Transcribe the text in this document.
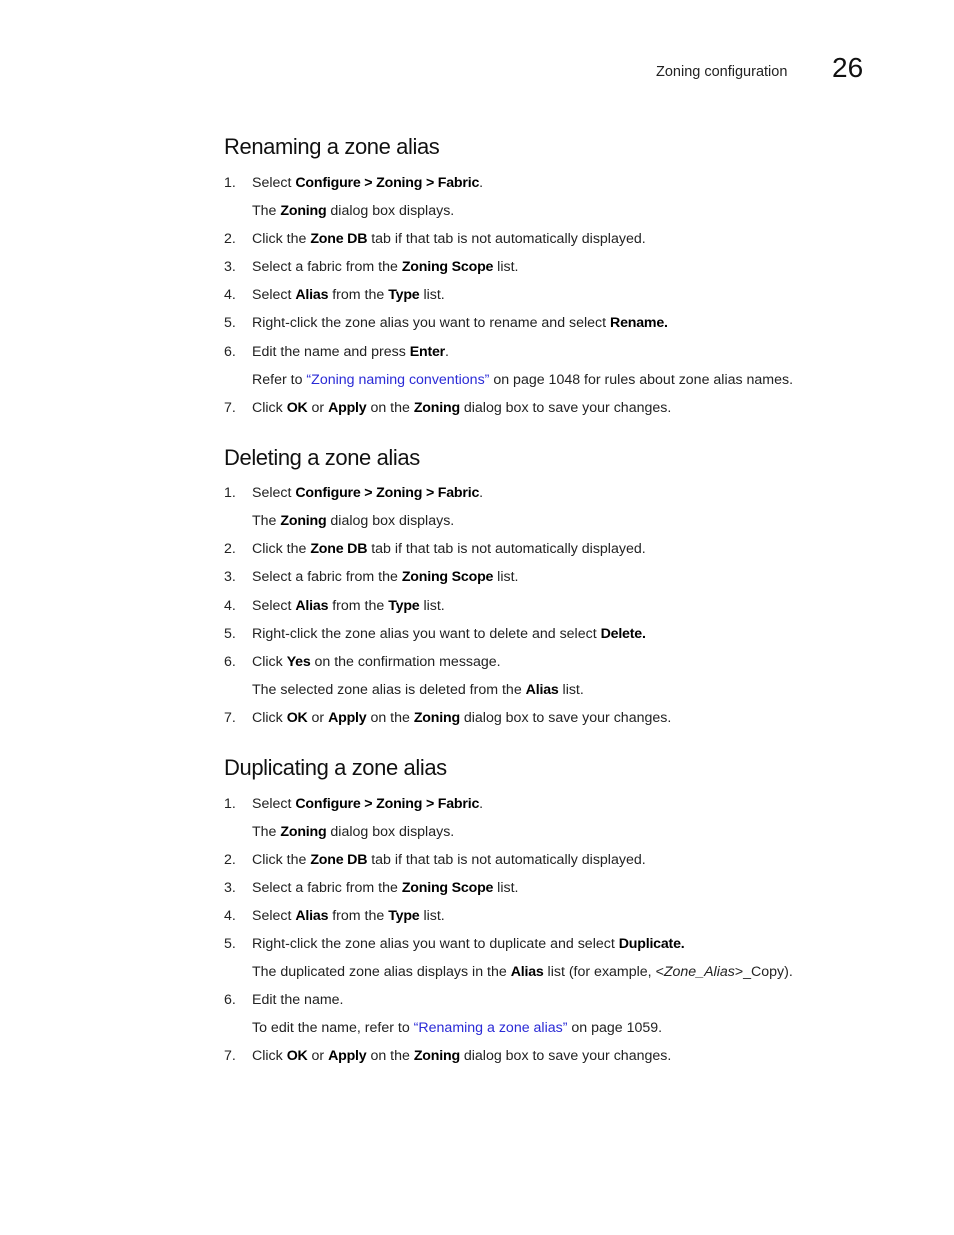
Zoning configuration 26
Renaming a zone alias
1. Select Configure > Zoning > Fabric.
The Zoning dialog box displays.
2. Click the Zone DB tab if that tab is not automatically displayed.
3. Select a fabric from the Zoning Scope list.
4. Select Alias from the Type list.
5. Right-click the zone alias you want to rename and select Rename.
6. Edit the name and press Enter.
Refer to “Zoning naming conventions” on page 1048 for rules about zone alias names.
7. Click OK or Apply on the Zoning dialog box to save your changes.
Deleting a zone alias
1. Select Configure > Zoning > Fabric.
The Zoning dialog box displays.
2. Click the Zone DB tab if that tab is not automatically displayed.
3. Select a fabric from the Zoning Scope list.
4. Select Alias from the Type list.
5. Right-click the zone alias you want to delete and select Delete.
6. Click Yes on the confirmation message.
The selected zone alias is deleted from the Alias list.
7. Click OK or Apply on the Zoning dialog box to save your changes.
Duplicating a zone alias
1. Select Configure > Zoning > Fabric.
The Zoning dialog box displays.
2. Click the Zone DB tab if that tab is not automatically displayed.
3. Select a fabric from the Zoning Scope list.
4. Select Alias from the Type list.
5. Right-click the zone alias you want to duplicate and select Duplicate.
The duplicated zone alias displays in the Alias list (for example, <Zone_Alias>_Copy).
6. Edit the name.
To edit the name, refer to “Renaming a zone alias” on page 1059.
7. Click OK or Apply on the Zoning dialog box to save your changes.
